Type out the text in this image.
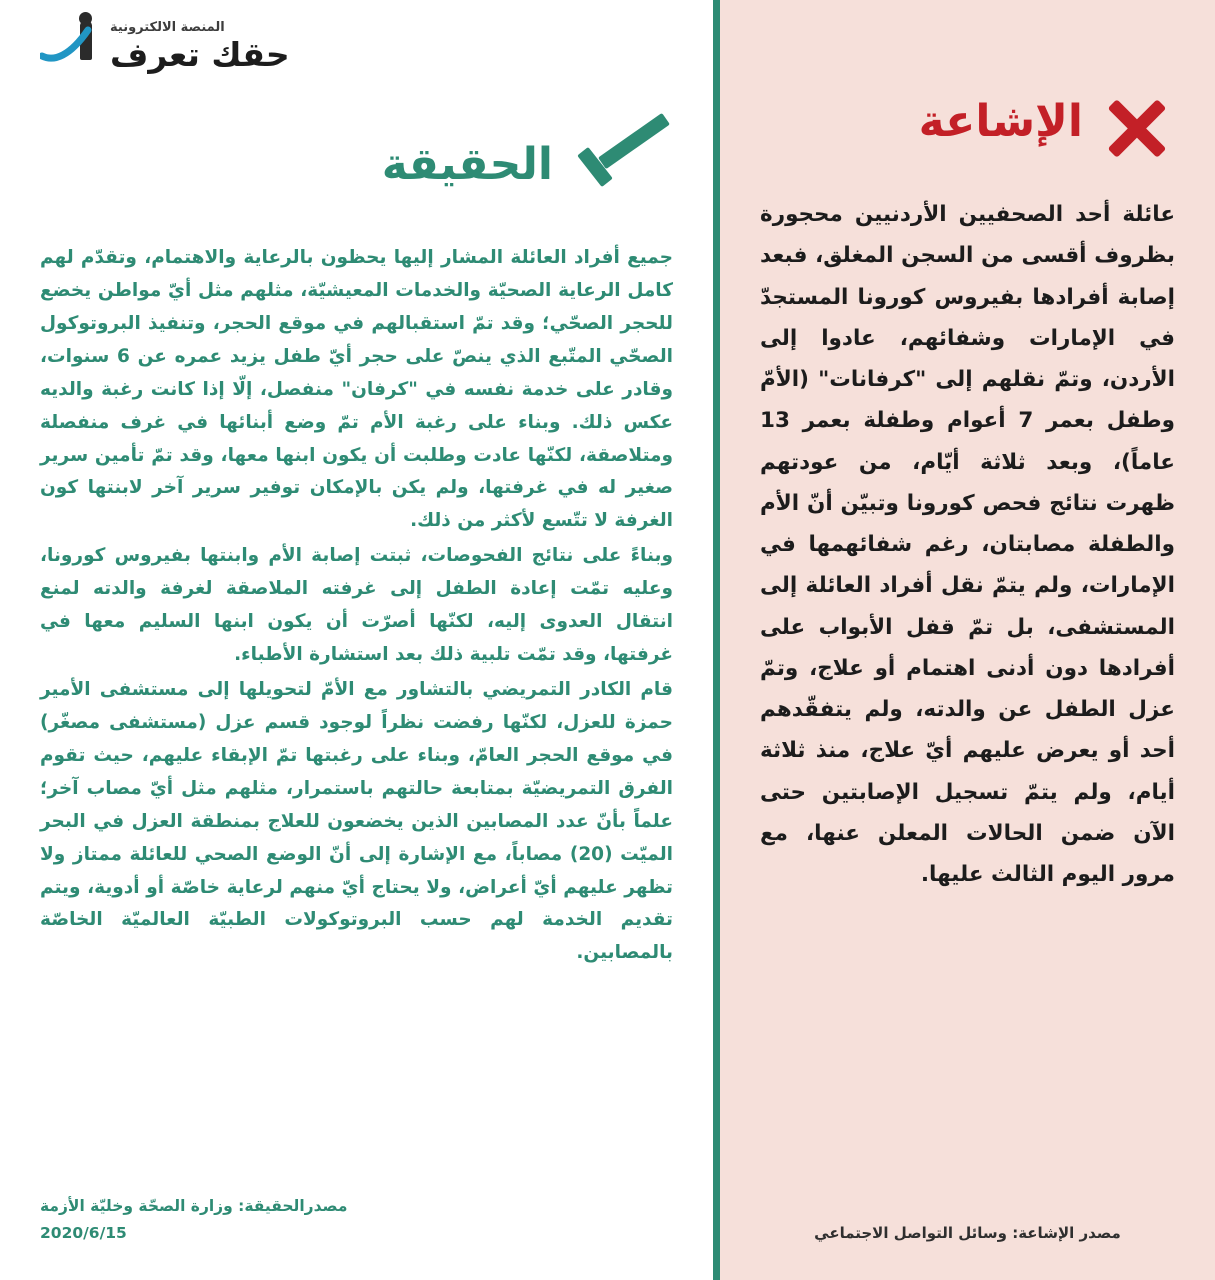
الإشاعة
عائلة أحد الصحفيين الأردنيين محجورة بظروف أقسى من السجن المغلق، فبعد إصابة أفرادها بفيروس كورونا المستجدّ في الإمارات وشفائهم، عادوا إلى الأردن، وتمّ نقلهم إلى "كرفانات" (الأمّ وطفل بعمر 7 أعوام وطفلة بعمر 13 عاماً)، وبعد ثلاثة أيّام، من عودتهم ظهرت نتائج فحص كورونا وتبيّن أنّ الأم والطفلة مصابتان، رغم شفائهمها في الإمارات، ولم يتمّ نقل أفراد العائلة إلى المستشفى، بل تمّ قفل الأبواب على أفرادها دون أدنى اهتمام أو علاج، وتمّ عزل الطفل عن والدته، ولم يتفقّدهم أحد أو يعرض عليهم أيّ علاج، منذ ثلاثة أيام، ولم يتمّ تسجيل الإصابتين حتى الآن ضمن الحالات المعلن عنها، مع مرور اليوم الثالث عليها.
مصدر الإشاعة: وسائل التواصل الاجتماعي
المنصة الالكترونية
حقك تعرف
الحقيقة

جميع أفراد العائلة المشار إليها يحظون بالرعاية والاهتمام، وتقدّم لهم كامل الرعاية الصحيّة والخدمات المعيشيّة، مثلهم مثل أيّ مواطن يخضع للحجر الصحّي؛ وقد تمّ استقبالهم في موقع الحجر، وتنفيذ البروتوكول الصحّي المتّبع الذي ينصّ على حجر أيّ طفل يزيد عمره عن 6 سنوات، وقادر على خدمة نفسه في "كرفان" منفصل، إلّا إذا كانت رغبة والديه عكس ذلك. وبناء على رغبة الأم تمّ وضع أبنائها في غرف منفصلة ومتلاصقة، لكنّها عادت وطلبت أن يكون ابنها معها، وقد تمّ تأمين سرير صغير له في غرفتها، ولم يكن بالإمكان توفير سرير آخر لابنتها كون الغرفة لا تتّسع لأكثر من ذلك.

وبناءً على نتائج الفحوصات، ثبتت إصابة الأم وابنتها بفيروس كورونا، وعليه تمّت إعادة الطفل إلى غرفته الملاصقة لغرفة والدته لمنع انتقال العدوى إليه، لكنّها أصرّت أن يكون ابنها السليم معها في غرفتها، وقد تمّت تلبية ذلك بعد استشارة الأطباء.

قام الكادر التمريضي بالتشاور مع الأمّ لتحويلها إلى مستشفى الأمير حمزة للعزل، لكنّها رفضت نظراً لوجود قسم عزل (مستشفى مصغّر) في موقع الحجر العامّ، وبناء على رغبتها تمّ الإبقاء عليهم، حيث تقوم الفرق التمريضيّة بمتابعة حالتهم باستمرار، مثلهم مثل أيّ مصاب آخر؛ علماً بأنّ عدد المصابين الذين يخضعون للعلاج بمنطقة العزل في البحر الميّت (20) مصاباً، مع الإشارة إلى أنّ الوضع الصحي للعائلة ممتاز ولا تظهر عليهم أيّ أعراض، ولا يحتاج أيّ منهم لرعاية خاصّة أو أدوية، ويتم تقديم الخدمة لهم حسب البروتوكولات الطبيّة العالميّة الخاصّة بالمصابين.

مصدرالحقيقة: وزارة الصحّة وخليّة الأزمة
2020/6/15
